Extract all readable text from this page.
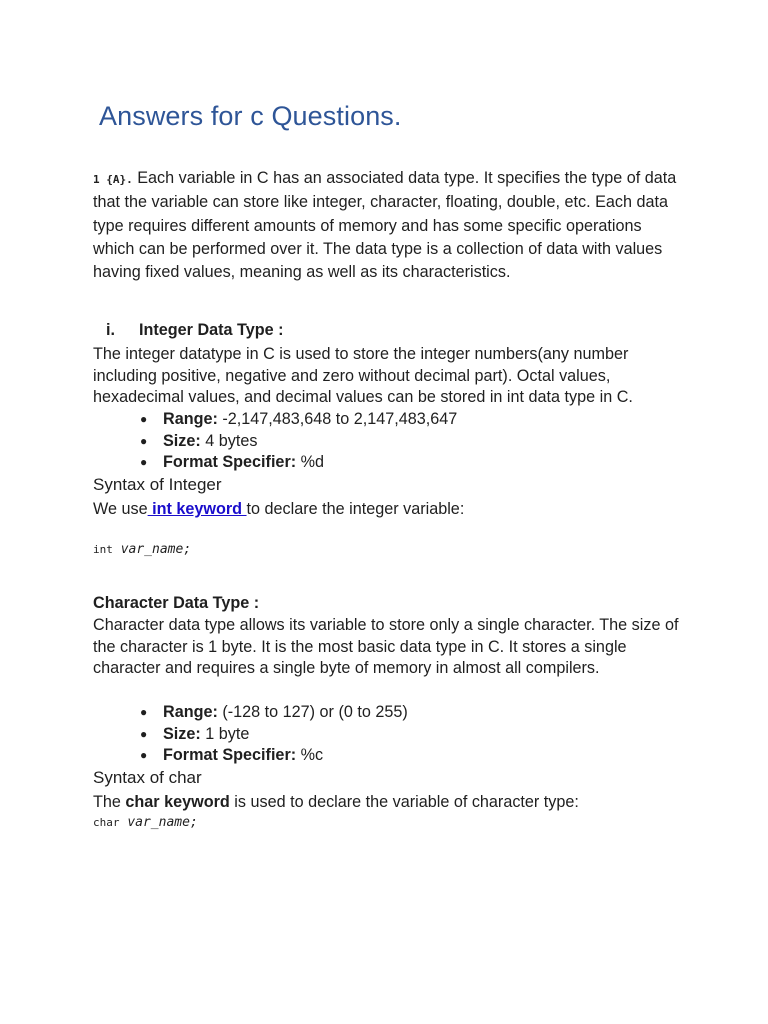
Answers for c Questions.

1 {A}. Each variable in C has an associated data type. It specifies the type of data that the variable can store like integer, character, floating, double, etc. Each data type requires different amounts of memory and has some specific operations which can be performed over it. The data type is a collection of data with values having fixed values, meaning as well as its characteristics.

i. Integer Data Type :

The integer datatype in C is used to store the integer numbers(any number including positive, negative and zero without decimal part). Octal values, hexadecimal values, and decimal values can be stored in int data type in C.

● Range: -2,147,483,648 to 2,147,483,647
● Size: 4 bytes
● Format Specifier: %d

Syntax of Integer

We use int keyword to declare the integer variable:

int var_name;

Character Data Type :

Character data type allows its variable to store only a single character. The size of the character is 1 byte. It is the most basic data type in C. It stores a single character and requires a single byte of memory in almost all compilers.

● Range: (-128 to 127) or (0 to 255)
● Size: 1 byte
● Format Specifier: %c

Syntax of char

The char keyword is used to declare the variable of character type:

char var_name;
